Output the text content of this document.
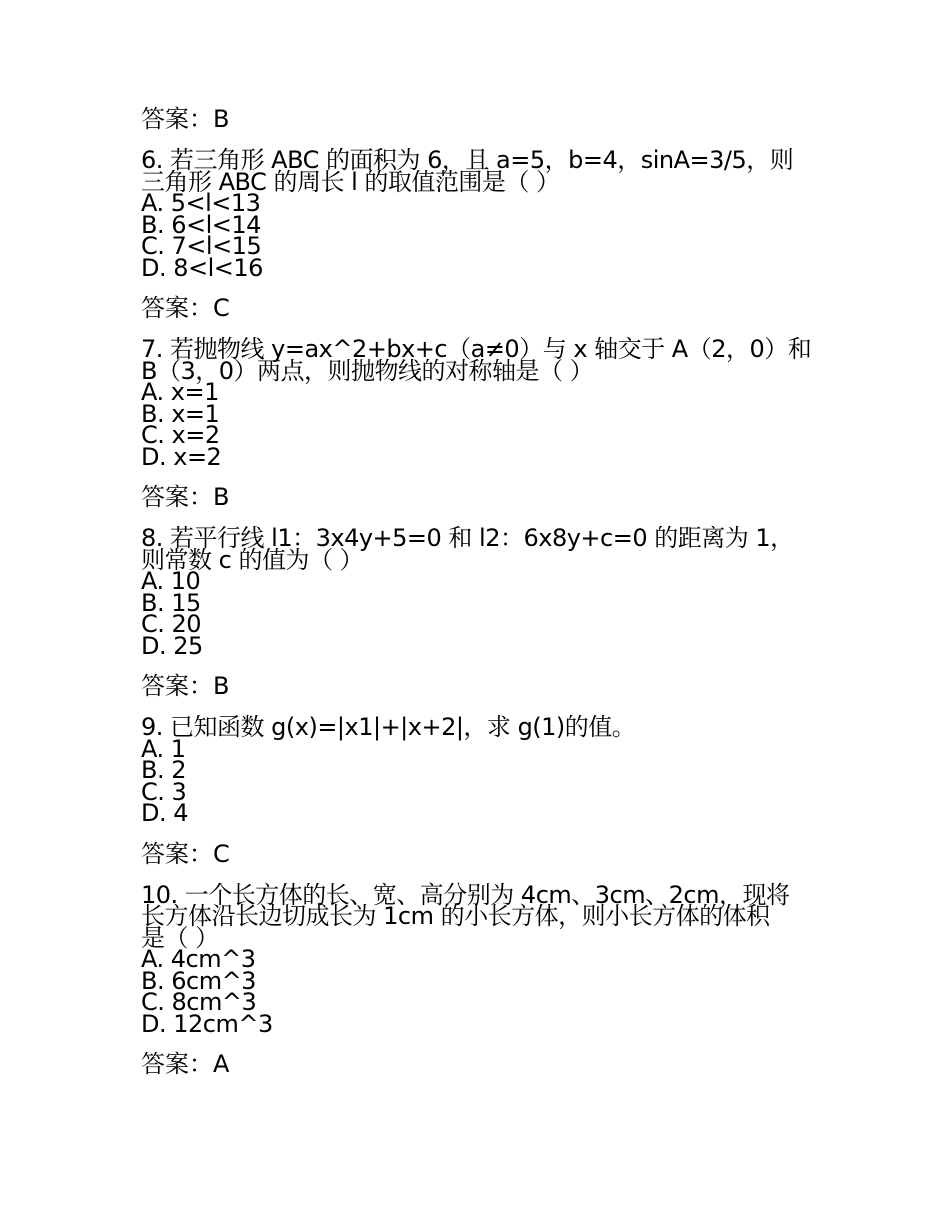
答案：B
6. 若三角形 ABC 的面积为 6，且 a=5，b=4，sinA=3/5，则
三角形 ABC 的周长 l 的取值范围是（ ）
A. 5<l<13
B. 6<l<14
C. 7<l<15
D. 8<l<16
答案：C
7. 若抛物线 y=ax^2+bx+c（a≠0）与 x 轴交于 A（2，0）和
B（3，0）两点，则抛物线的对称轴是（ ）
A. x=1
B. x=1
C. x=2
D. x=2
答案：B
8. 若平行线 l1：3x4y+5=0 和 l2：6x8y+c=0 的距离为 1，
则常数 c 的值为（ ）
A. 10
B. 15
C. 20
D. 25
答案：B
9. 已知函数 g(x)=|x1|+|x+2|，求 g(1)的值。
A. 1
B. 2
C. 3
D. 4
答案：C
10. 一个长方体的长、宽、高分别为 4cm、3cm、2cm，现将
长方体沿长边切成长为 1cm 的小长方体，则小长方体的体积
是（ ）
A. 4cm^3
B. 6cm^3
C. 8cm^3
D. 12cm^3
答案：A
